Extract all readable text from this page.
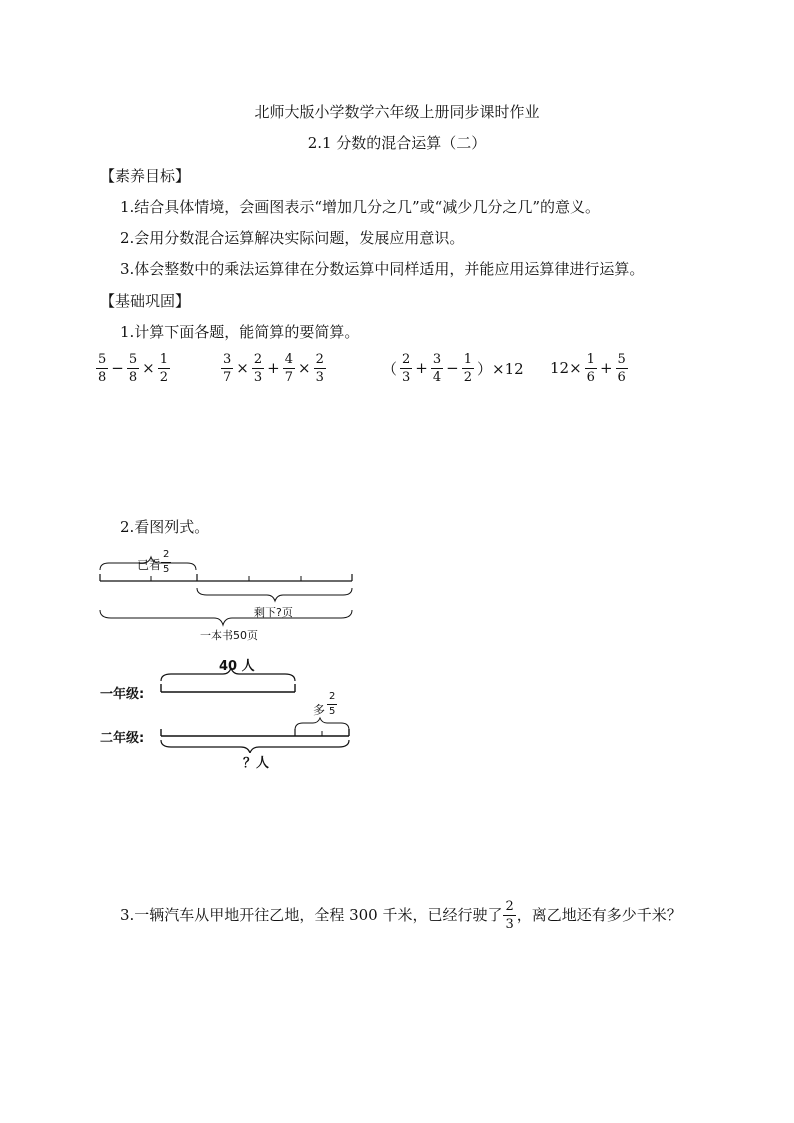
北师大版小学数学六年级上册同步课时作业
2.1 分数的混合运算（二）
【素养目标】
1.结合具体情境，会画图表示“增加几分之几”或“减少几分之几”的意义。
2.会用分数混合运算解决实际问题，发展应用意识。
3.体会整数中的乘法运算律在分数运算中同样适用，并能应用运算律进行运算。
【基础巩固】
1.计算下面各题，能简算的要简算。
$\frac{5}{8} - \frac{5}{8} \times \frac{1}{2}$	$\frac{3}{7} \times \frac{2}{3} + \frac{4}{7} \times \frac{2}{3}$	（ $\frac{2}{3} + \frac{3}{4} - \frac{1}{2} )\times 12$ $12\times \frac{1}{6} + \frac{5}{6}$
2.看图列式。
已看 $\frac{2}{5}$
剩下?页
一本书50页
40 人
一年级:
二年级:
多 $\frac{2}{5}$
？人
3.一辆汽车从甲地开往乙地，全程 300 千米，已经行驶了 $\frac{2}{3}$ ，离乙地还有多少千米？
